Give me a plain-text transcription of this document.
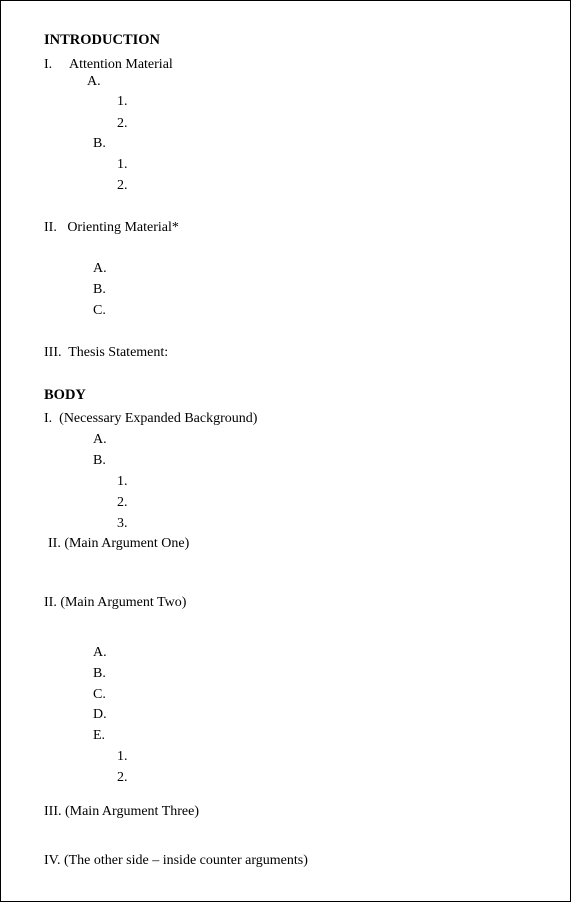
INTRODUCTION
I. Attention Material
A.
1.
2.
B.
1.
2.
II.   Orienting Material*
A.
B.
C.
III.  Thesis Statement:
BODY
I.  (Necessary Expanded Background)
A.
B.
1.
2.
3.
II. (Main Argument One)
II. (Main Argument Two)
A.
B.
C.
D.
E.
1.
2.
III. (Main Argument Three)
IV. (The other side – inside counter arguments)
